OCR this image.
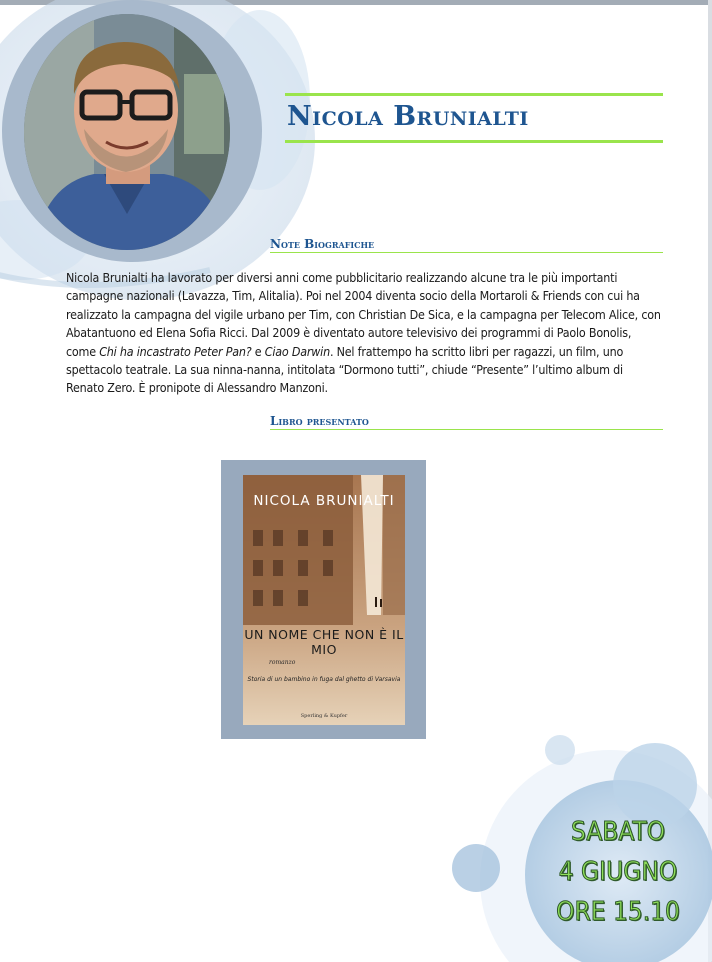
Nicola Brunialti
Note Biografiche
Nicola Brunialti ha lavorato per diversi anni come pubblicitario realizzando alcune tra le più importanti campagne nazionali (Lavazza, Tim, Alitalia). Poi nel 2004 diventa socio della Mortaroli & Friends con cui ha realizzato la campagna del vigile urbano per Tim, con Christian De Sica, e la campagna per Telecom Alice, con Abatantuono ed Elena Sofia Ricci. Dal 2009 è diventato autore televisivo dei programmi di Paolo Bonolis, come Chi ha incastrato Peter Pan? e Ciao Darwin. Nel frattempo ha scritto libri per ragazzi, un film, uno spettacolo teatrale. La sua ninna-nanna, intitolata “Dormono tutti”, chiude “Presente” l’ultimo album di Renato Zero. È pronipote di Alessandro Manzoni.
Libro presentato
NICOLA BRUNIALTI
UN NOME CHE NON È IL MIO
romanzo
Storia di un bambino in fuga dal ghetto di Varsavia
Sperling & Kupfer
SABATO
4 GIUGNO
ORE 15.10
